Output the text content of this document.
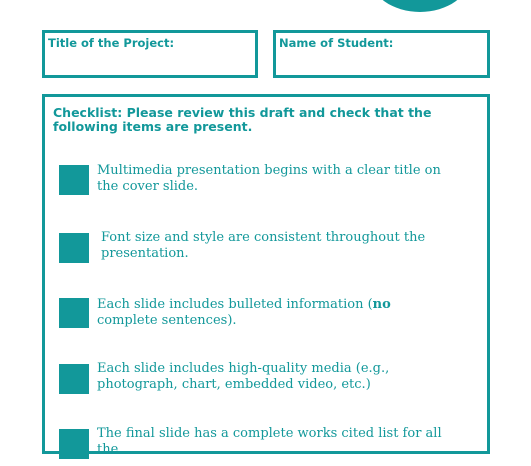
Title of the Project:	Name of Student:
Checklist: Please review this draft and check that the following items are present.
Multimedia presentation begins with a clear title on the cover slide.
Font size and style are consistent throughout the presentation.
Each slide includes bulleted information (no complete sentences).
Each slide includes high-quality media (e.g., photograph, chart, embedded video, etc.)
The final slide has a complete works cited list for all the
